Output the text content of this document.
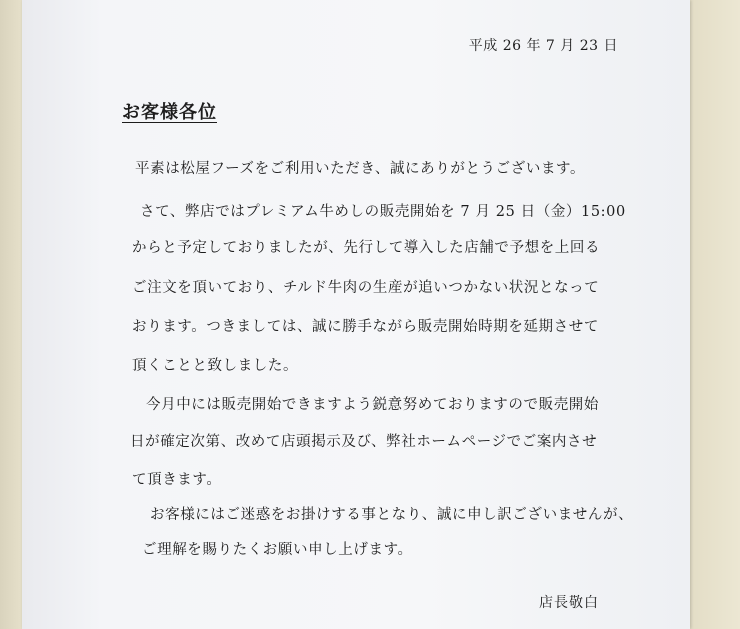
平成 26 年 7 月 23 日
お客様各位
平素は松屋フーズをご利用いただき、誠にありがとうございます。
さて、弊店ではプレミアム牛めしの販売開始を 7 月 25 日（金）15:00
からと予定しておりましたが、先行して導入した店舗で予想を上回る
ご注文を頂いており、チルド牛肉の生産が追いつかない状況となって
おります。つきましては、誠に勝手ながら販売開始時期を延期させて
頂くことと致しました。
今月中には販売開始できますよう鋭意努めておりますので販売開始
日が確定次第、改めて店頭掲示及び、弊社ホームページでご案内させ
て頂きます。
お客様にはご迷惑をお掛けする事となり、誠に申し訳ございませんが、
ご理解を賜りたくお願い申し上げます。
店長敬白
